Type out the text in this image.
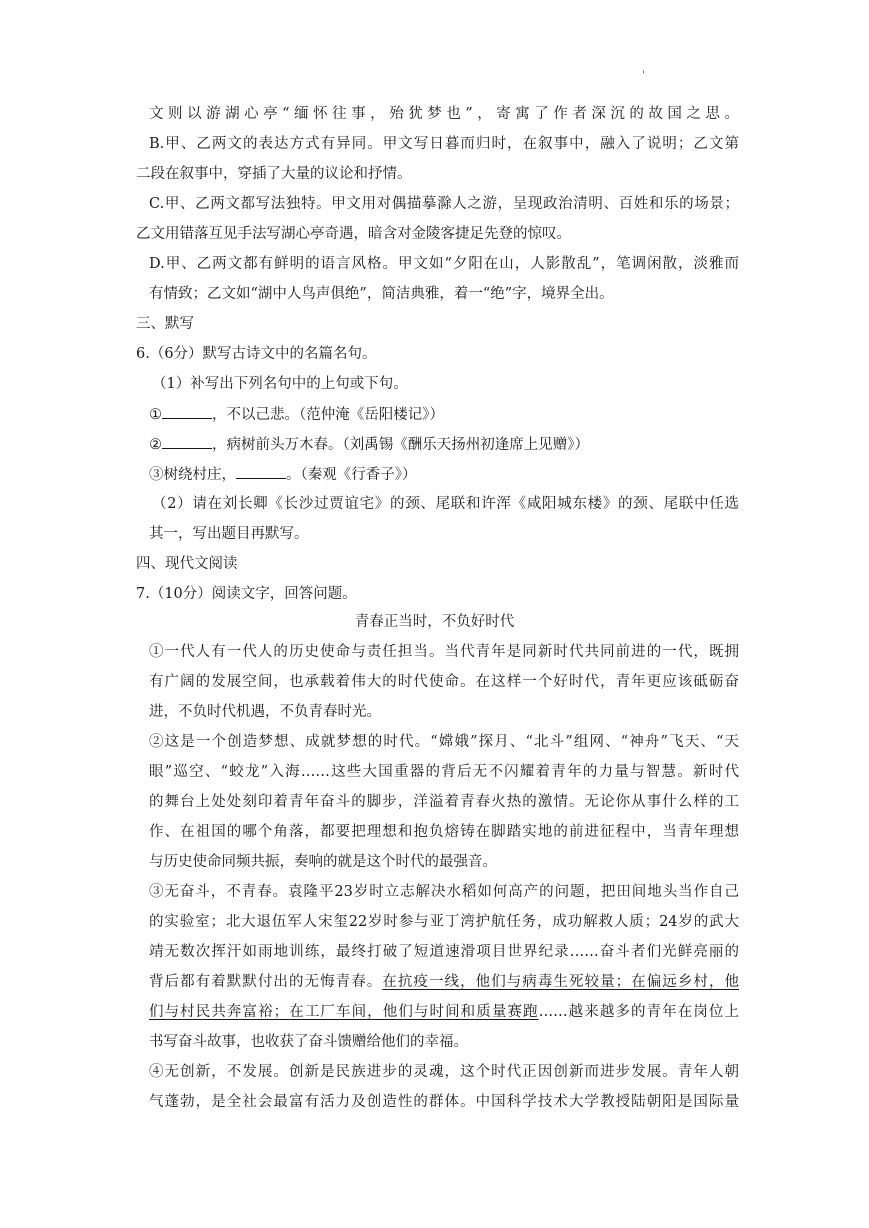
'
文则以游湖心亭“缅怀往事，殆犹梦也”，寄寓了作者深沉的故国之思。
B.甲、乙两文的表达方式有异同。甲文写日暮而归时，在叙事中，融入了说明；乙文第
二段在叙事中，穿插了大量的议论和抒情。
C.甲、乙两文都写法独特。甲文用对偶描摹滁人之游，呈现政治清明、百姓和乐的场景；
乙文用错落互见手法写湖心亭奇遇，暗含对金陵客捷足先登的惊叹。
D.甲、乙两文都有鲜明的语言风格。甲文如“夕阳在山，人影散乱”，笔调闲散，淡雅而
有情致；乙文如“湖中人鸟声俱绝”，简洁典雅，着一“绝”字，境界全出。
三、默写
6.（6分）默写古诗文中的名篇名句。
（1）补写出下列名句中的上句或下句。
①	，不以己悲。（范仲淹《岳阳楼记》）
②	，病树前头万木春。（刘禹锡《酬乐天扬州初逢席上见赠》）
③树绕村庄，	。（秦观《行香子》）
（2）请在刘长卿《长沙过贾谊宅》的颈、尾联和许浑《咸阳城东楼》的颈、尾联中任选
其一，写出题目再默写。
四、现代文阅读
7.（10分）阅读文字，回答问题。
青春正当时，不负好时代
①一代人有一代人的历史使命与责任担当。当代青年是同新时代共同前进的一代，既拥
有广阔的发展空间，也承载着伟大的时代使命。在这样一个好时代，青年更应该砥砺奋
进，不负时代机遇，不负青春时光。
②这是一个创造梦想、成就梦想的时代。“嫦娥”探月、“北斗”组网、“神舟”飞天、“天
眼”巡空、“蛟龙”入海……这些大国重器的背后无不闪耀着青年的力量与智慧。新时代
的舞台上处处刻印着青年奋斗的脚步，洋溢着青春火热的激情。无论你从事什么样的工
作、在祖国的哪个角落，都要把理想和抱负熔铸在脚踏实地的前进征程中，当青年理想
与历史使命同频共振，奏响的就是这个时代的最强音。
③无奋斗，不青春。袁隆平23岁时立志解决水稻如何高产的问题，把田间地头当作自己
的实验室；北大退伍军人宋玺22岁时参与亚丁湾护航任务，成功解救人质；24岁的武大
靖无数次挥汗如雨地训练，最终打破了短道速滑项目世界纪录……奋斗者们光鲜亮丽的
背后都有着默默付出的无悔青春。在抗疫一线，他们与病毒生死较量；在偏远乡村，他
们与村民共奔富裕；在工厂车间，他们与时间和质量赛跑……越来越多的青年在岗位上
书写奋斗故事，也收获了奋斗馈赠给他们的幸福。
④无创新，不发展。创新是民族进步的灵魂，这个时代正因创新而进步发展。青年人朝
气蓬勃，是全社会最富有活力及创造性的群体。中国科学技术大学教授陆朝阳是国际量
